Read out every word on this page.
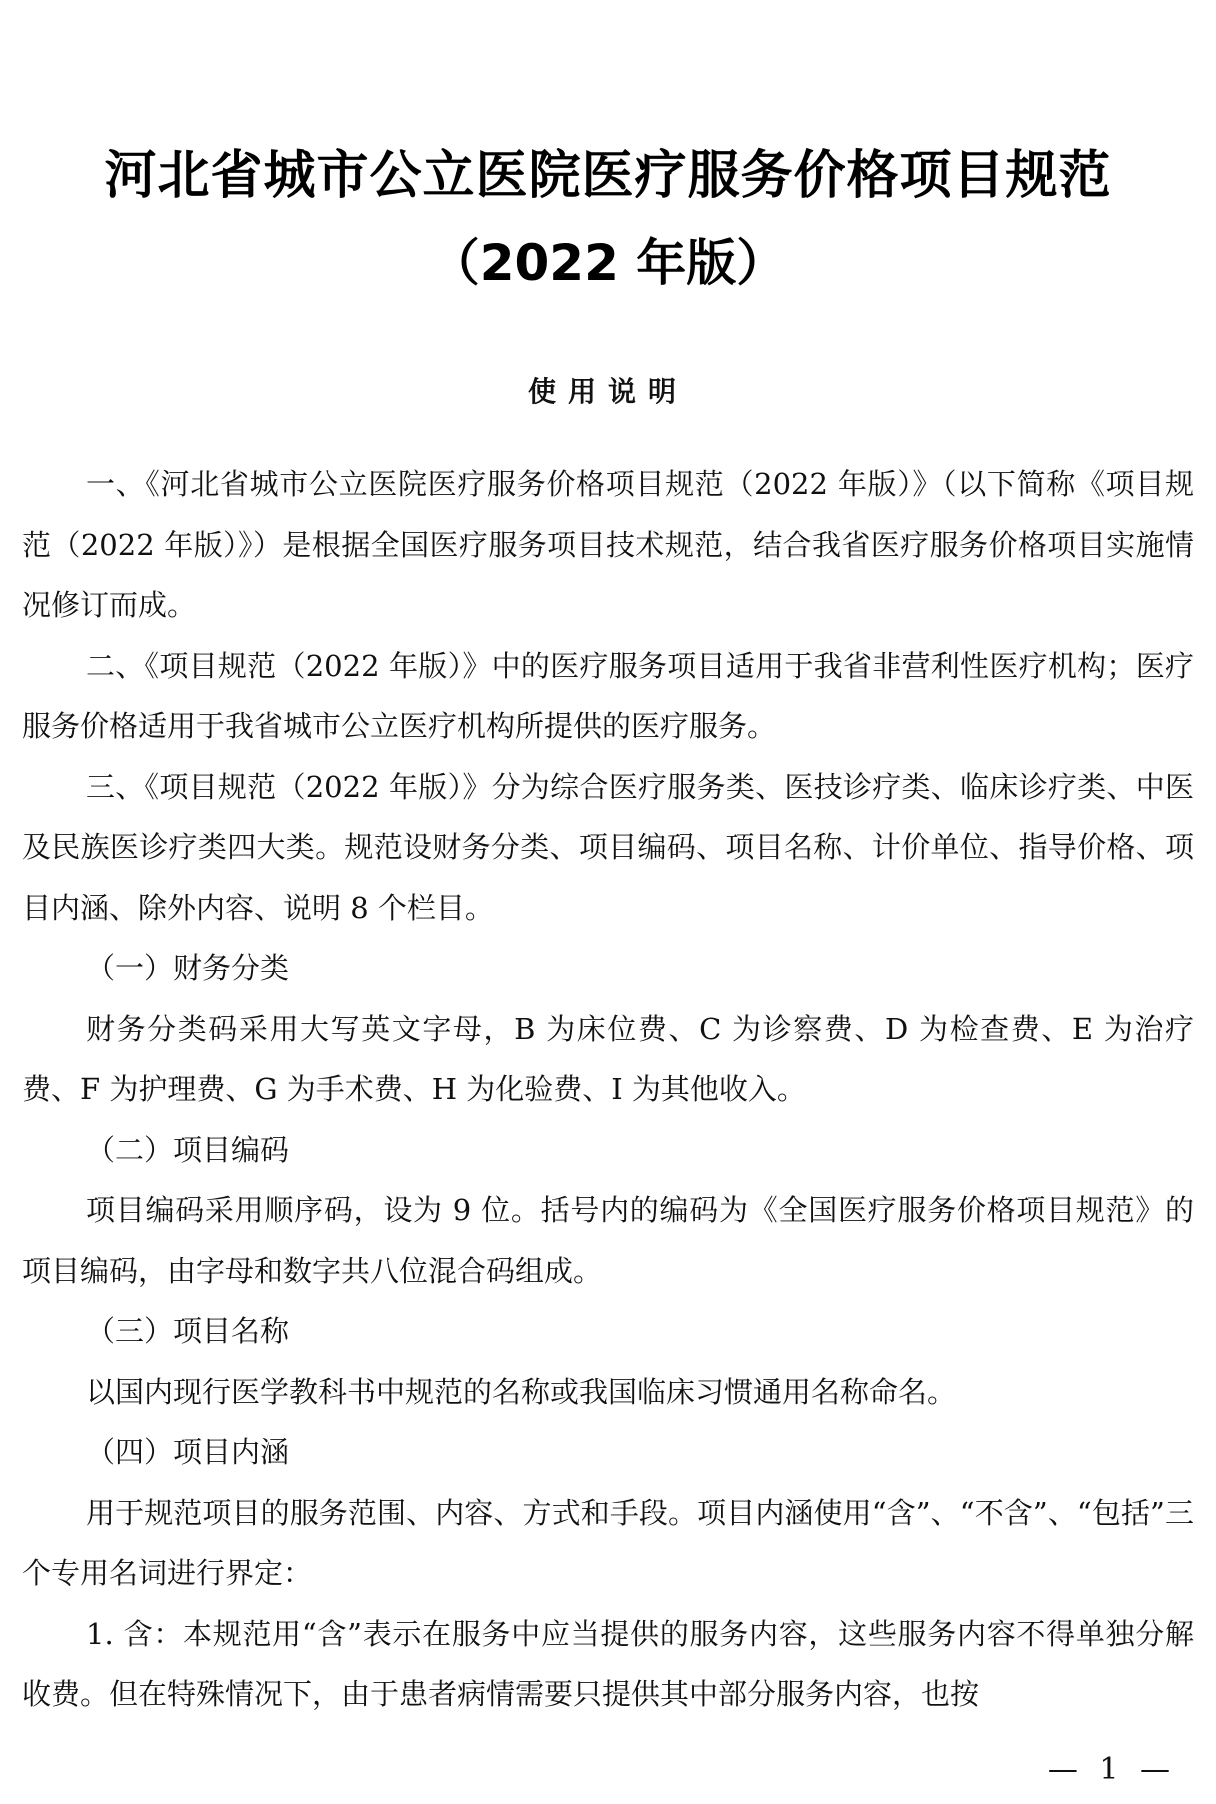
河北省城市公立医院医疗服务价格项目规范
（2022 年版）
使用说明

一、《河北省城市公立医院医疗服务价格项目规范（2022 年版）》（以下简称《项目规范（2022 年版）》）是根据全国医疗服务项目技术规范，结合我省医疗服务价格项目实施情况修订而成。

二、《项目规范（2022 年版）》中的医疗服务项目适用于我省非营利性医疗机构；医疗服务价格适用于我省城市公立医疗机构所提供的医疗服务。

三、《项目规范（2022 年版）》分为综合医疗服务类、医技诊疗类、临床诊疗类、中医及民族医诊疗类四大类。规范设财务分类、项目编码、项目名称、计价单位、指导价格、项目内涵、除外内容、说明 8 个栏目。

（一）财务分类

财务分类码采用大写英文字母，B 为床位费、C 为诊察费、D 为检查费、E 为治疗费、F 为护理费、G 为手术费、H 为化验费、I 为其他收入。

（二）项目编码

项目编码采用顺序码，设为 9 位。括号内的编码为《全国医疗服务价格项目规范》的项目编码，由字母和数字共八位混合码组成。

（三）项目名称

以国内现行医学教科书中规范的名称或我国临床习惯通用名称命名。

（四）项目内涵

用于规范项目的服务范围、内容、方式和手段。项目内涵使用“含”、“不含”、“包括”三个专用名词进行界定：

1. 含：本规范用“含”表示在服务中应当提供的服务内容，这些服务内容不得单独分解收费。但在特殊情况下，由于患者病情需要只提供其中部分服务内容，也按

— 1 —
